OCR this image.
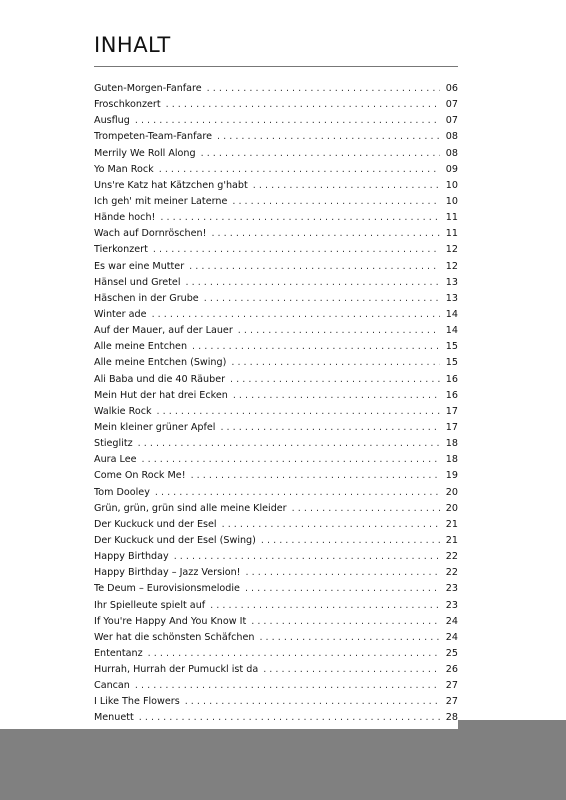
INHALT
Guten-Morgen-Fanfare . . .	06
Froschkonzert . . .	07
Ausflug . . .	07
Trompeten-Team-Fanfare . . .	08
Merrily We Roll Along . . .	08
Yo Man Rock . . .	09
Uns're Katz hat Kätzchen g'habt . . .	10
Ich geh' mit meiner Laterne . . .	10
Hände hoch! . . .	11
Wach auf Dornröschen! . . .	11
Tierkonzert . . .	12
Es war eine Mutter . . .	12
Hänsel und Gretel . . .	13
Häschen in der Grube . . .	13
Winter ade . . .	14
Auf der Mauer, auf der Lauer . . .	14
Alle meine Entchen . . .	15
Alle meine Entchen (Swing) . . .	15
Ali Baba und die 40 Räuber . . .	16
Mein Hut der hat drei Ecken . . .	16
Walkie Rock . . .	17
Mein kleiner grüner Apfel . . .	17
Stieglitz . . .	18
Aura Lee . . .	18
Come On Rock Me! . . .	19
Tom Dooley . . .	20
Grün, grün, grün sind alle meine Kleider . . .	20
Der Kuckuck und der Esel . . .	21
Der Kuckuck und der Esel (Swing) . . .	21
Happy Birthday . . .	22
Happy Birthday – Jazz Version! . . .	22
Te Deum – Eurovisionsmelodie . . .	23
Ihr Spielleute spielt auf . . .	23
If You're Happy And You Know It . . .	24
Wer hat die schönsten Schäfchen . . .	24
Ententanz . . .	25
Hurrah, Hurrah der Pumuckl ist da . . .	26
Cancan . . .	27
I Like The Flowers . . .	27
Menuett . . .	28
